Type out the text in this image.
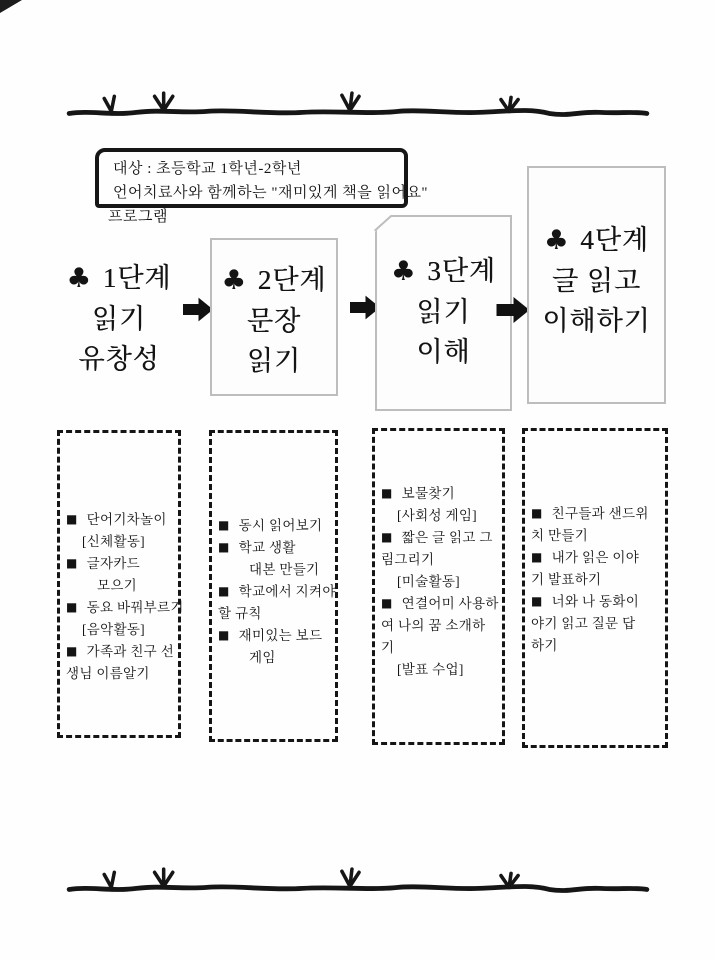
대상 : 초등학교 1학년-2학년
언어치료사와 함께하는 "재미있게 책을 읽어요"
프로그램
♣ 1단계
읽기
유창성
♣ 2단계
문장
읽기
♣ 3단계
읽기
이해
♣ 4단계
글 읽고
이해하기
■ 단어기차놀이
[신체활동]
■ 글자카드
모으기
■ 동요 바꿔부르기
[음악활동]
■ 가족과 친구 선
생님 이름알기
■ 동시 읽어보기
■ 학교 생활
대본 만들기
■ 학교에서 지켜야
할 규칙
■ 재미있는 보드
게임
■ 보물찾기
[사회성 게임]
■ 짧은 글 읽고 그
림그리기
[미술활동]
■ 연결어미 사용하
여 나의 꿈 소개하
기
[발표 수업]
■ 친구들과 샌드위
치 만들기
■ 내가 읽은 이야
기 발표하기
■ 너와 나 동화이
야기 읽고 질문 답
하기
